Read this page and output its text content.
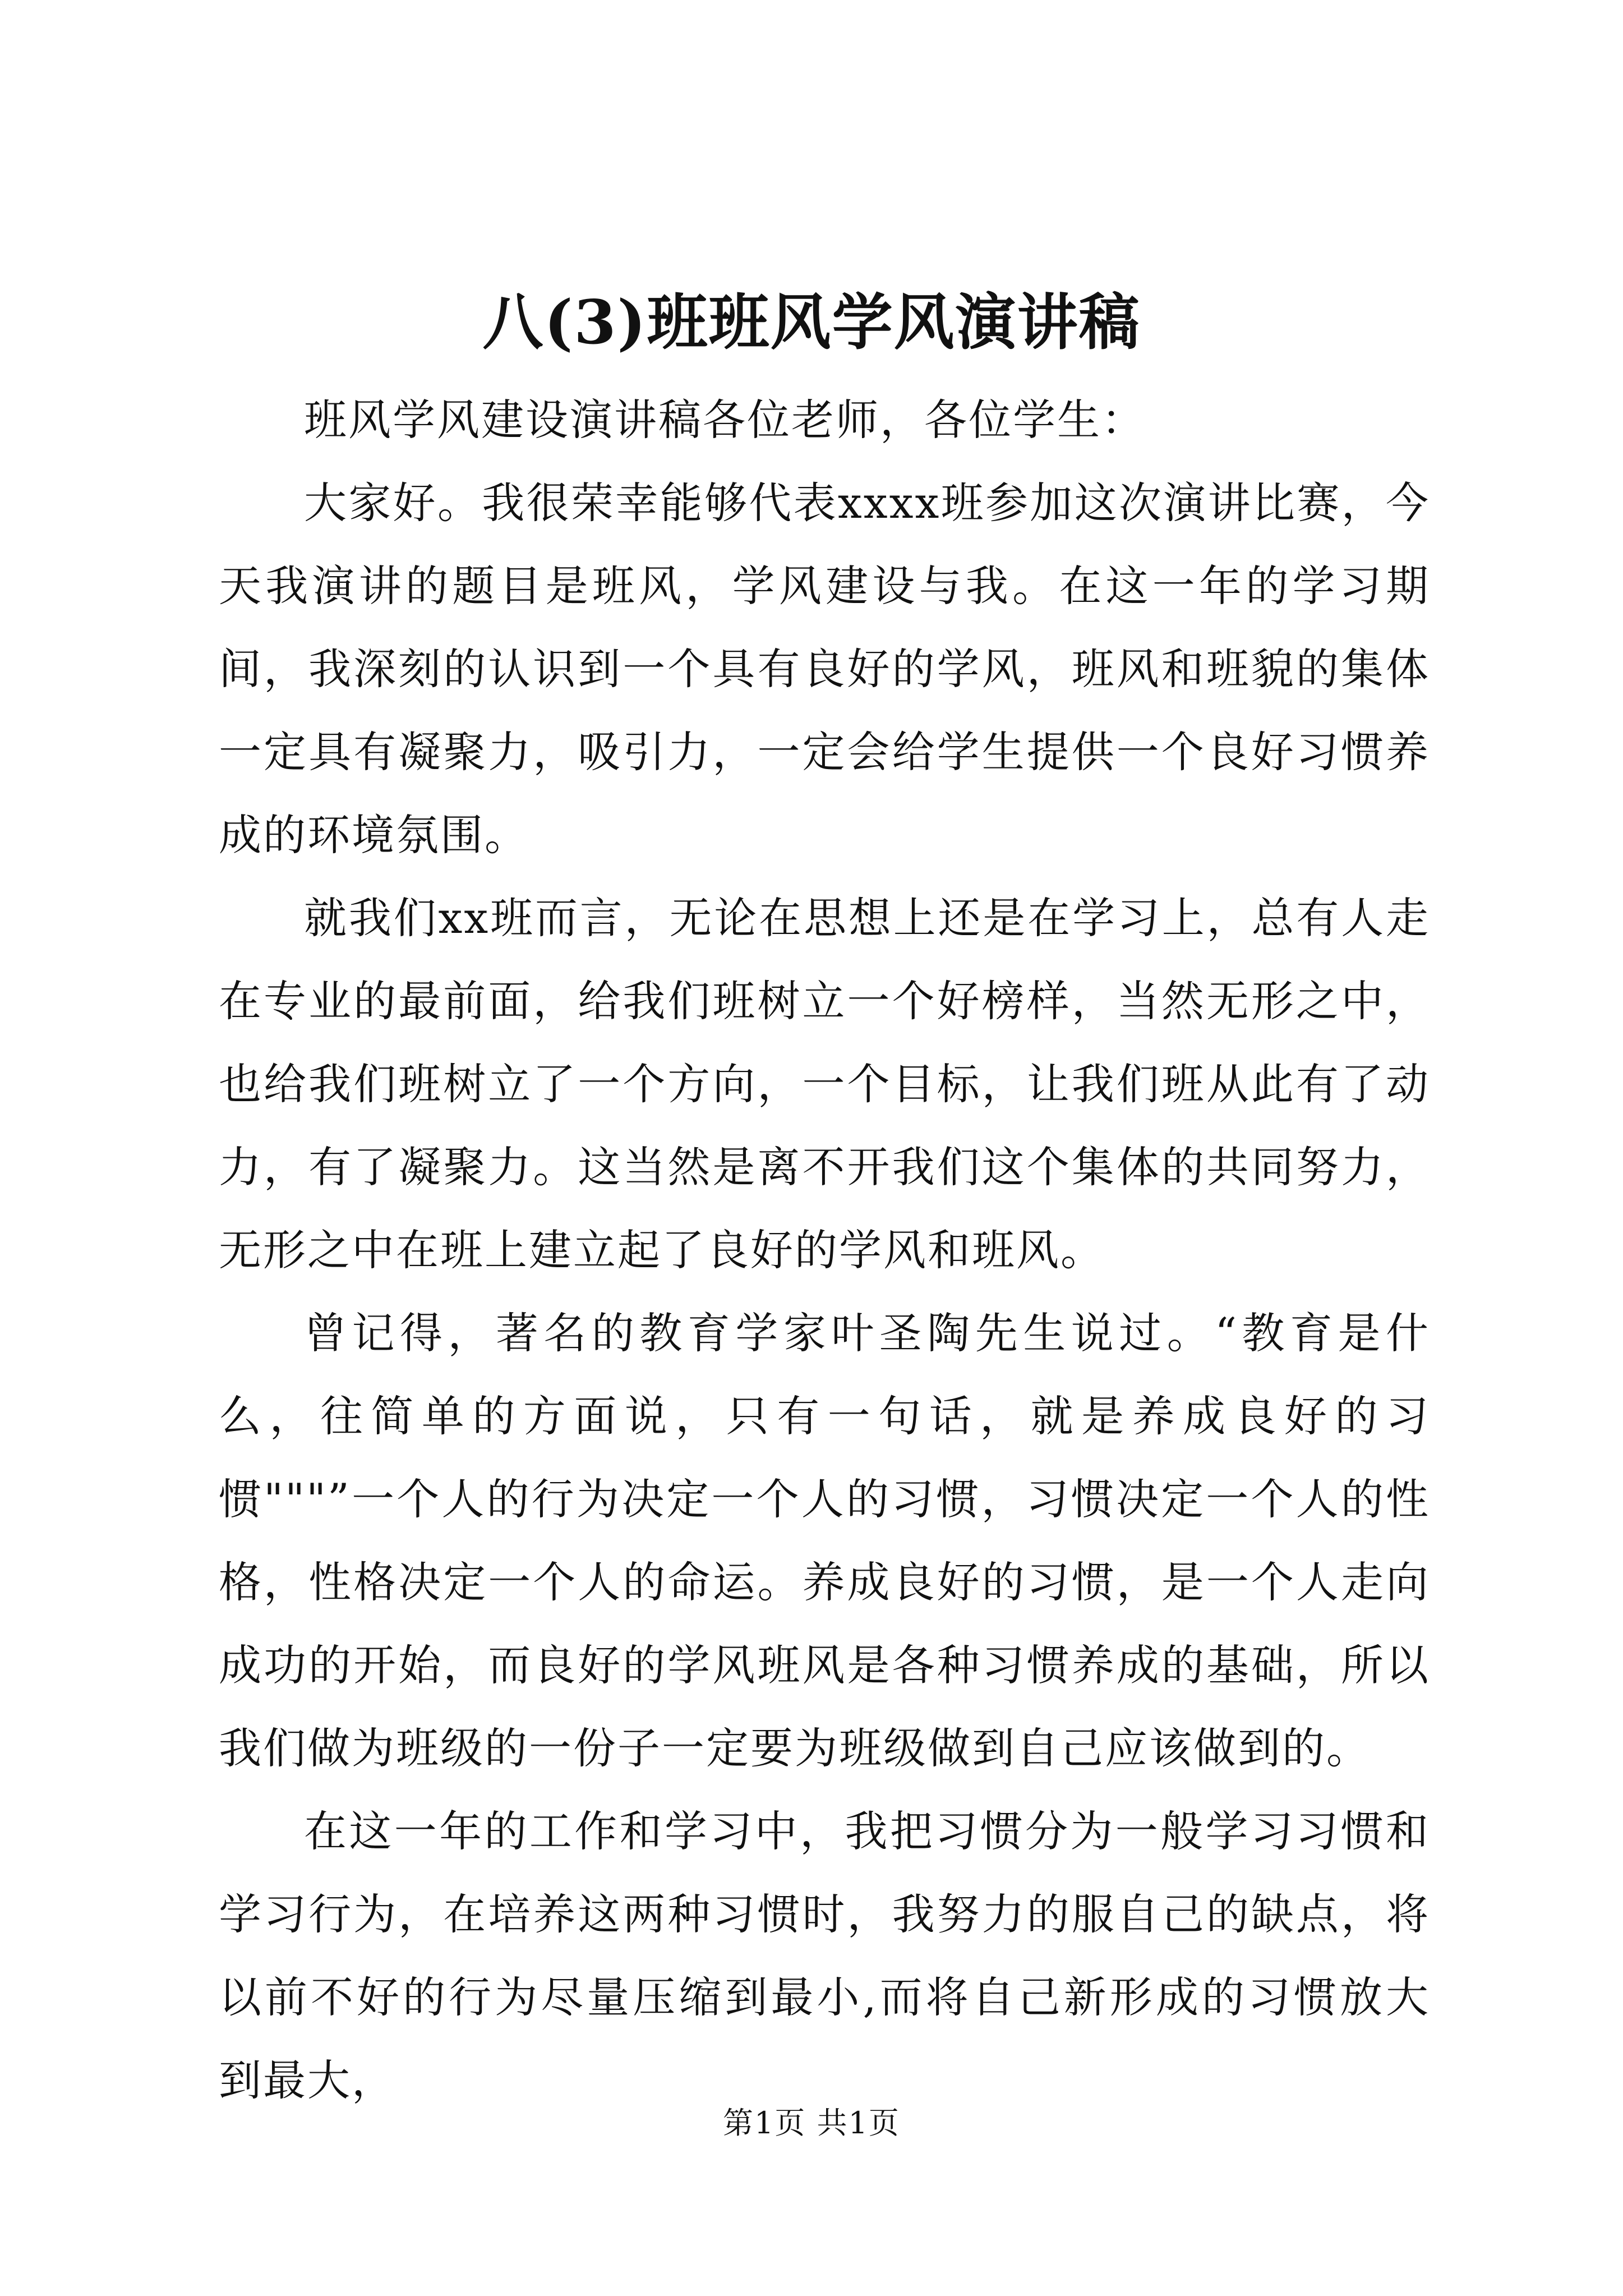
八(3)班班风学风演讲稿

班风学风建设演讲稿各位老师，各位学生：

大家好。我很荣幸能够代表xxxx班参加这次演讲比赛，今天我演讲的题目是班风，学风建设与我。在这一年的学习期间，我深刻的认识到一个具有良好的学风，班风和班貌的集体一定具有凝聚力，吸引力，一定会给学生提供一个良好习惯养成的环境氛围。

就我们xx班而言，无论在思想上还是在学习上，总有人走在专业的最前面，给我们班树立一个好榜样，当然无形之中，也给我们班树立了一个方向，一个目标，让我们班从此有了动力，有了凝聚力。这当然是离不开我们这个集体的共同努力，无形之中在班上建立起了良好的学风和班风。

曾记得，著名的教育学家叶圣陶先生说过。“教育是什么，往简单的方面说，只有一句话，就是养成良好的习惯"""”一个人的行为决定一个人的习惯，习惯决定一个人的性格，性格决定一个人的命运。养成良好的习惯，是一个人走向成功的开始，而良好的学风班风是各种习惯养成的基础，所以我们做为班级的一份子一定要为班级做到自己应该做到的。

在这一年的工作和学习中，我把习惯分为一般学习习惯和学习行为，在培养这两种习惯时，我努力的服自己的缺点，将以前不好的行为尽量压缩到最小,而将自己新形成的习惯放大到最大，

第1页 共1页
